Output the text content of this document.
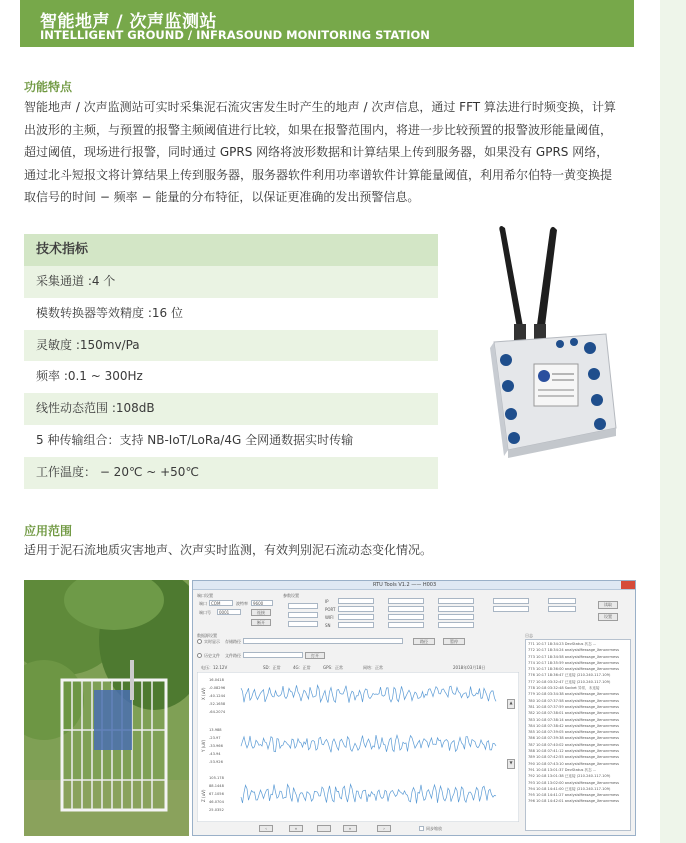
智能地声 / 次声监测站
INTELLIGENT GROUND / INFRASOUND MONITORING STATION
功能特点
智能地声 / 次声监测站可实时采集泥石流灾害发生时产生的地声 / 次声信息，通过 FFT 算法进行时频变换，计算
出波形的主频，与预置的报警主频阈值进行比较，如果在报警范围内，将进一步比较预置的报警波形能量阈值，
超过阈值，现场进行报警，同时通过 GPRS 网络将波形数据和计算结果上传到服务器，如果没有 GPRS 网络，
通过北斗短报文将计算结果上传到服务器，服务器软件利用功率谱软件计算能量阈值，利用希尔伯特一黄变换提
取信号的时间 − 频率 − 能量的分布特征，以保证更准确的发出预警信息。
技术指标
采集通道 :4 个
模数转换器等效精度 :16 位
灵敏度 :150mv/Pa
频率 :0.1 ~ 300Hz
线性动态范围 :108dB
5 种传输组合：支持 NB-IoT/LoRa/4G 全网通数据实时传输
工作温度： − 20℃ ~ +50℃
应用范围
适用于泥石流地质灾害地声、次声实时监测，有效判别泥石流动态变化情况。
RTU Tools V1.2 —— H003
端口设置
端口 COM	波特率 9600
端口号 0001	连接
断开
参数设置
IP
PORT
WIFI
SN
读取
设置
数据源设置
实时显示 存储路径	路径	暂停
历史文件 文件路径	打开
电压：12.12V	SD：正常	4G：正常	GPS：正常	网络：正常	2018年03月18日
X (uV)
Y (uV)
Z (uV)
16.0418
-0.08296
-40.1244
-52.1658
-64.2074
13.988
-23.97
-33.966
-43.94
-53.926
105.178
88.1448
67.1056
46.0704
25.0352
▲
▼
‹	«	»	›	同步缩放
日志
771 10:17 18:34:23 DevStatus 状态 ...
772 10:17 18:34:24 analysisMessage_Xenonrmess
773 10:17 18:34:58 analysisMessage_Xenonrmess
774 10:17 18:35:59 analysisMessage_Xenonrmess
775 10:17 18:36:00 analysisMessage_Xenonrmess
776 10:17 18:36:47 已连接 (210.240.117.109)
777 10:18 03:32:47 已连接 (210.240.117.109)
778 10:18 03:32:48 Socket 异常，未连接
779 10:18 03:34:38 analysisMessage_Xenonrmess
780 10:18 07:37:58 analysisMessage_Xenonrmess
781 10:18 07:37:59 analysisMessage_Xenonrmess
782 10:18 07:38:01 analysisMessage_Xenonrmess
783 10:18 07:38:14 analysisMessage_Xenonrmess
784 10:18 07:38:42 analysisMessage_Xenonrmess
785 10:18 07:39:05 analysisMessage_Xenonrmess
786 10:18 07:39:38 analysisMessage_Xenonrmess
787 10:18 07:40:02 analysisMessage_Xenonrmess
788 10:18 07:41:12 analysisMessage_Xenonrmess
789 10:18 07:42:55 analysisMessage_Xenonrmess
790 10:18 07:43:10 analysisMessage_Xenonrmess
791 10:18 13:01:37 DevStatus 状态 ...
792 10:18 13:01:38 已连接 (210.240.117.109)
793 10:18 13:02:00 analysisMessage_Xenonrmess
794 10:18 14:41:00 已连接 (210.240.117.109)
795 10:18 14:41:27 analysisMessage_Xenonrmess
796 10:18 14:42:01 analysisMessage_Xenonrmess
